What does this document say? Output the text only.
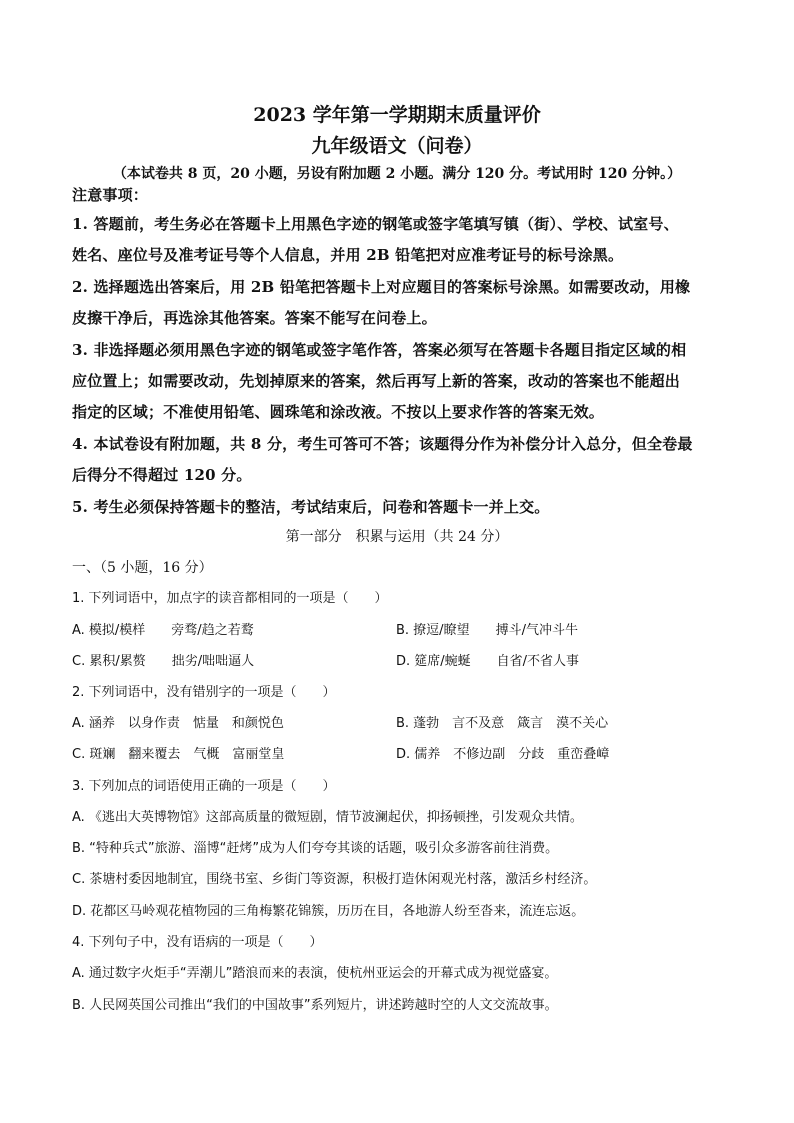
2023 学年第一学期期末质量评价
九年级语文（问卷）
（本试卷共 8 页，20 小题，另设有附加题 2 小题。满分 120 分。考试用时 120 分钟。）
注意事项：
1. 答题前，考生务必在答题卡上用黑色字迹的钢笔或签字笔填写镇（街）、学校、试室号、
姓名、座位号及准考证号等个人信息，并用 2B 铅笔把对应准考证号的标号涂黑。
2. 选择题选出答案后，用 2B 铅笔把答题卡上对应题目的答案标号涂黑。如需要改动，用橡
皮擦干净后，再选涂其他答案。答案不能写在问卷上。
3. 非选择题必须用黑色字迹的钢笔或签字笔作答，答案必须写在答题卡各题目指定区域的相
应位置上；如需要改动，先划掉原来的答案，然后再写上新的答案，改动的答案也不能超出
指定的区域；不准使用铅笔、圆珠笔和涂改液。不按以上要求作答的答案无效。
4. 本试卷设有附加题，共 8 分，考生可答可不答；该题得分作为补偿分计入总分，但全卷最
后得分不得超过 120 分。
5. 考生必须保持答题卡的整洁，考试结束后，问卷和答题卡一并上交。
第一部分　积累与运用（共 24 分）
一、（5 小题，16 分）
1. 下列词语中，加点字的读音都相同的一项是（　　）
A. 模拟/模样　　旁骛/趋之若鹜	B. 撩逗/瞭望　　搏斗/气冲斗牛
C. 累积/累赘　　拙劣/咄咄逼人	D. 筵席/蜿蜒　　自省/不省人事
2. 下列词语中，没有错别字的一项是（　　）
A. 涵养　以身作责　惦量　和颜悦色	B. 蓬勃　言不及意　箴言　漠不关心
C. 斑斓　翻来覆去　气概　富丽堂皇	D. 儒养　不修边副　分歧　重峦叠嶂
3. 下列加点的词语使用正确的一项是（　　）
A. 《逃出大英博物馆》这部高质量的微短剧，情节波澜起伏，抑扬顿挫，引发观众共情。
B. “特种兵式”旅游、淄博“赶烤”成为人们夸夸其谈的话题，吸引众多游客前往消费。
C. 茶塘村委因地制宜，围绕书室、乡街门等资源，积极打造休闲观光村落，激活乡村经济。
D. 花都区马岭观花植物园的三角梅繁花锦簇，历历在目，各地游人纷至沓来，流连忘返。
4. 下列句子中，没有语病的一项是（　　）
A. 通过数字火炬手“弄潮儿”踏浪而来的表演，使杭州亚运会的开幕式成为视觉盛宴。
B. 人民网英国公司推出“我们的中国故事”系列短片，讲述跨越时空的人文交流故事。
